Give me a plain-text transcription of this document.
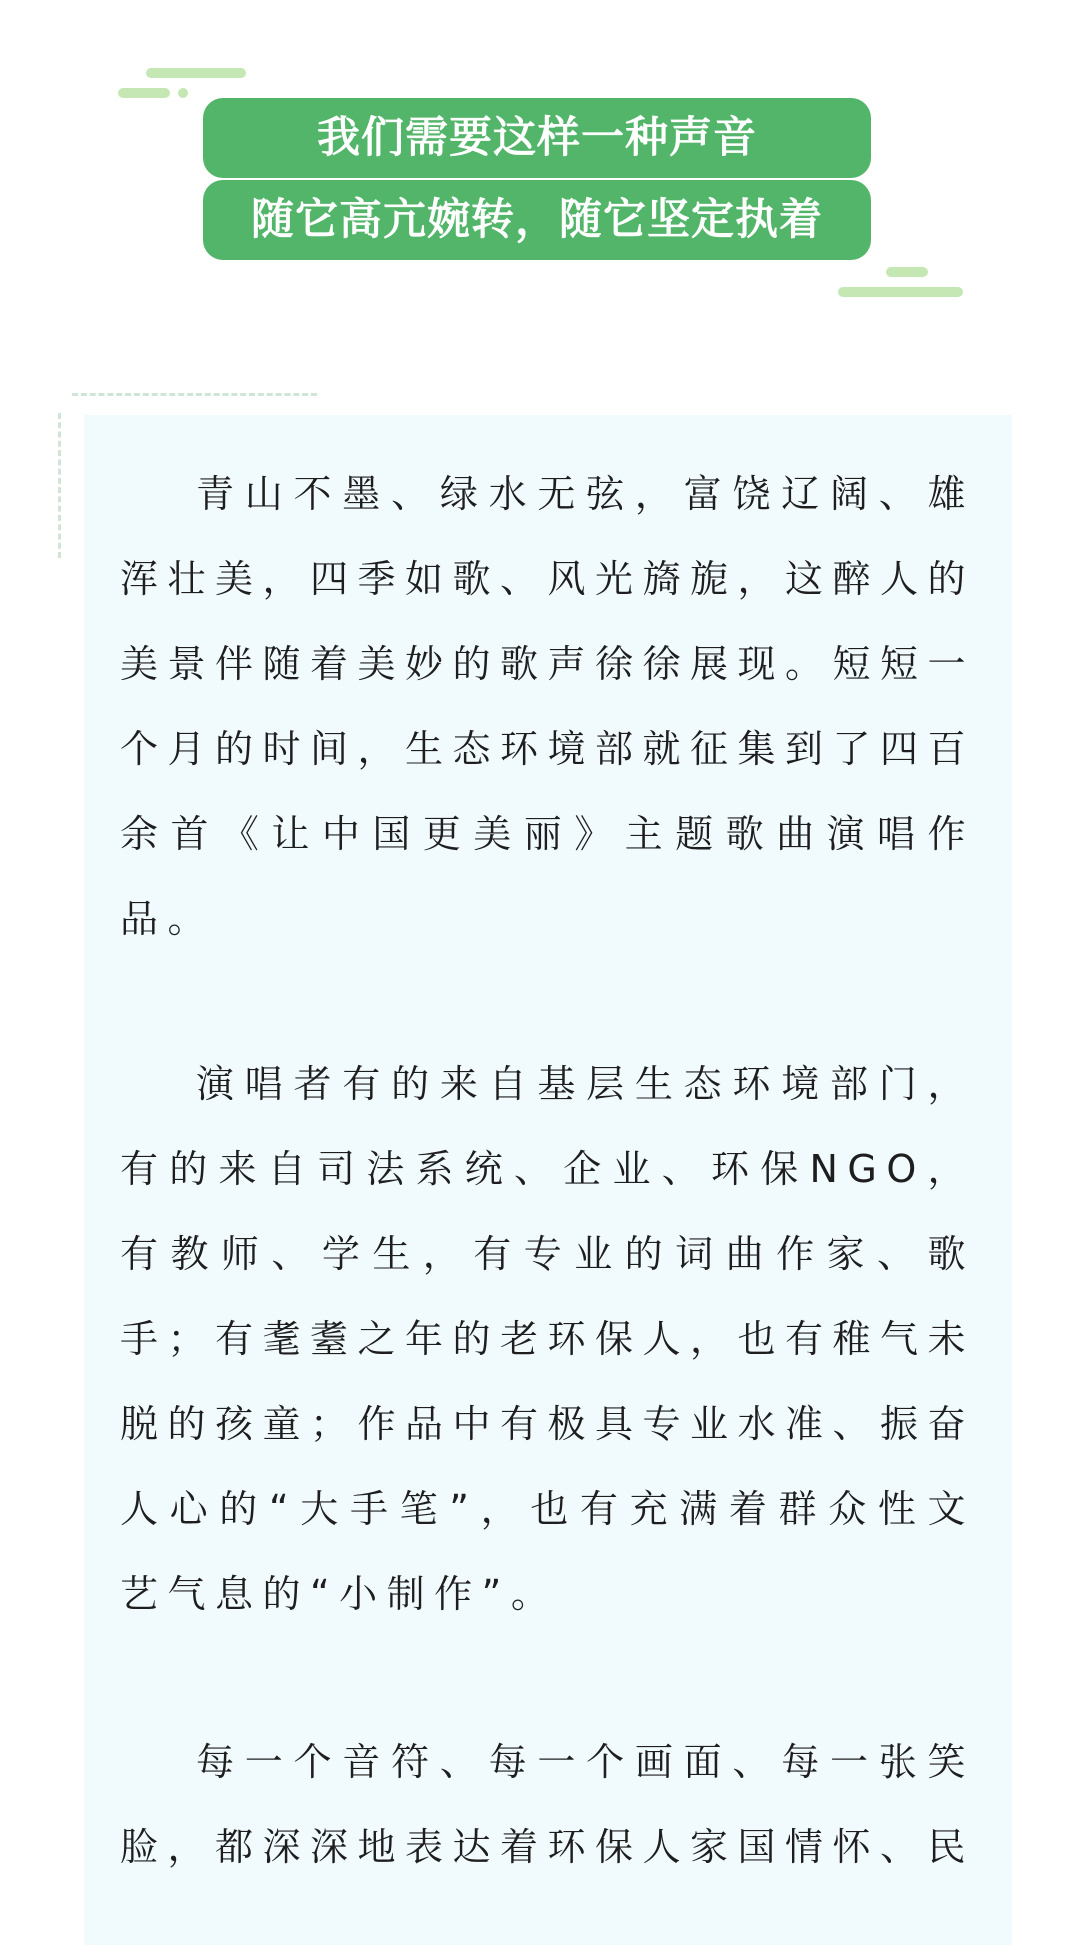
我们需要这样一种声音
随它高亢婉转，随它坚定执着

青山不墨、绿水无弦，富饶辽阔、雄浑壮美，四季如歌、风光旖旎，这醉人的美景伴随着美妙的歌声徐徐展现。短短一个月的时间，生态环境部就征集到了四百余首《让中国更美丽》主题歌曲演唱作品。

演唱者有的来自基层生态环境部门，有的来自司法系统、企业、环保NGO，有教师、学生，有专业的词曲作家、歌手；有耄耋之年的老环保人，也有稚气未脱的孩童；作品中有极具专业水准、振奋人心的“大手笔”，也有充满着群众性文艺气息的“小制作”。

每一个音符、每一个画面、每一张笑脸，都深深地表达着环保人家国情怀、民
